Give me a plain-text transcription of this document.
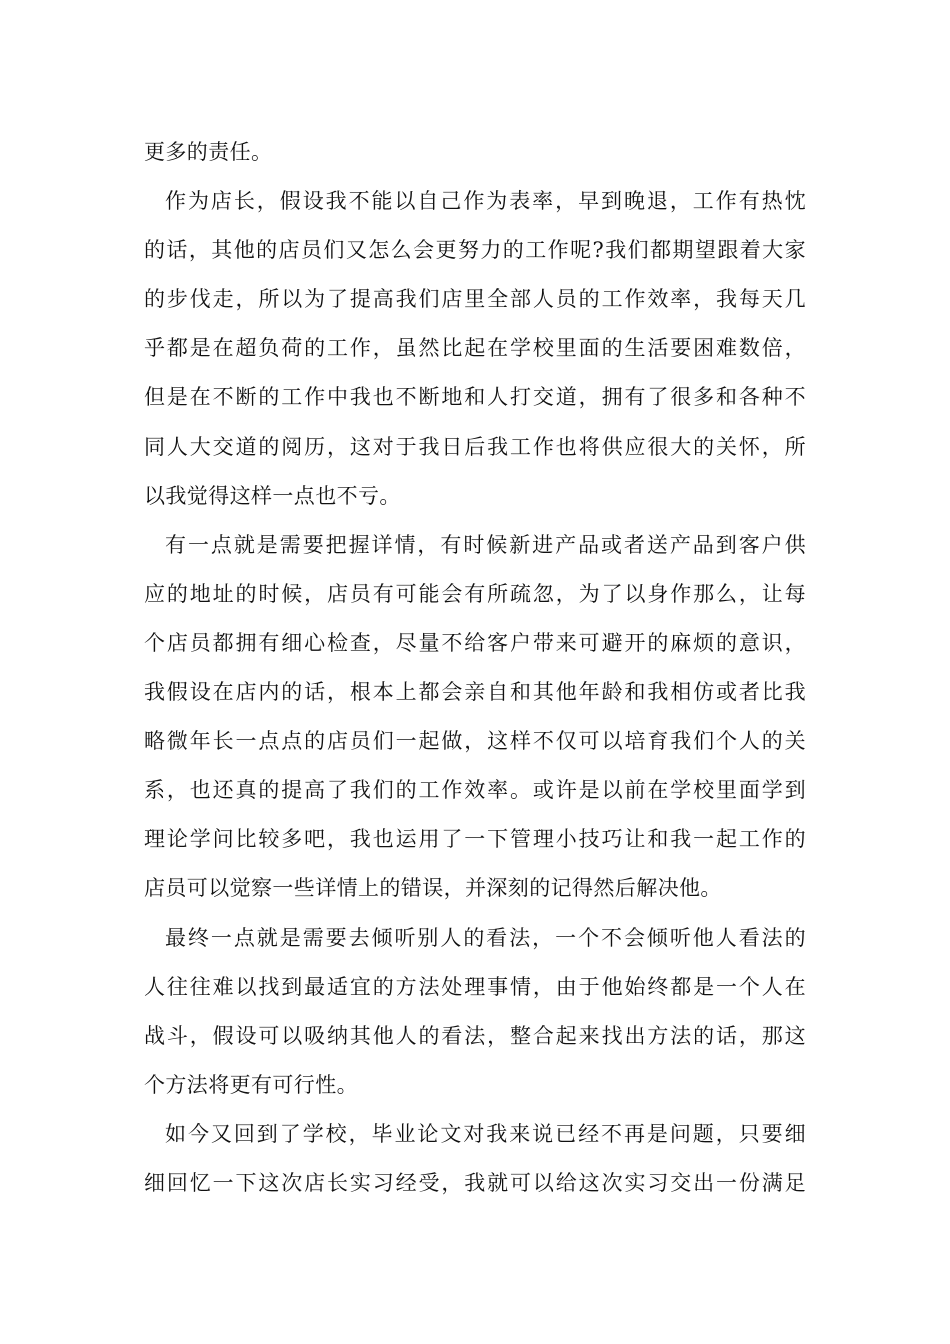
更多的责任。
作为店长，假设我不能以自己作为表率，早到晚退，工作有热忱
的话，其他的店员们又怎么会更努力的工作呢?我们都期望跟着大家
的步伐走，所以为了提高我们店里全部人员的工作效率，我每天几
乎都是在超负荷的工作，虽然比起在学校里面的生活要困难数倍，
但是在不断的工作中我也不断地和人打交道，拥有了很多和各种不
同人大交道的阅历，这对于我日后我工作也将供应很大的关怀，所
以我觉得这样一点也不亏。
有一点就是需要把握详情，有时候新进产品或者送产品到客户供
应的地址的时候，店员有可能会有所疏忽，为了以身作那么，让每
个店员都拥有细心检查，尽量不给客户带来可避开的麻烦的意识，
我假设在店内的话，根本上都会亲自和其他年龄和我相仿或者比我
略微年长一点点的店员们一起做，这样不仅可以培育我们个人的关
系，也还真的提高了我们的工作效率。或许是以前在学校里面学到
理论学问比较多吧，我也运用了一下管理小技巧让和我一起工作的
店员可以觉察一些详情上的错误，并深刻的记得然后解决他。
最终一点就是需要去倾听别人的看法，一个不会倾听他人看法的
人往往难以找到最适宜的方法处理事情，由于他始终都是一个人在
战斗，假设可以吸纳其他人的看法，整合起来找出方法的话，那这
个方法将更有可行性。
如今又回到了学校，毕业论文对我来说已经不再是问题，只要细
细回忆一下这次店长实习经受，我就可以给这次实习交出一份满足
